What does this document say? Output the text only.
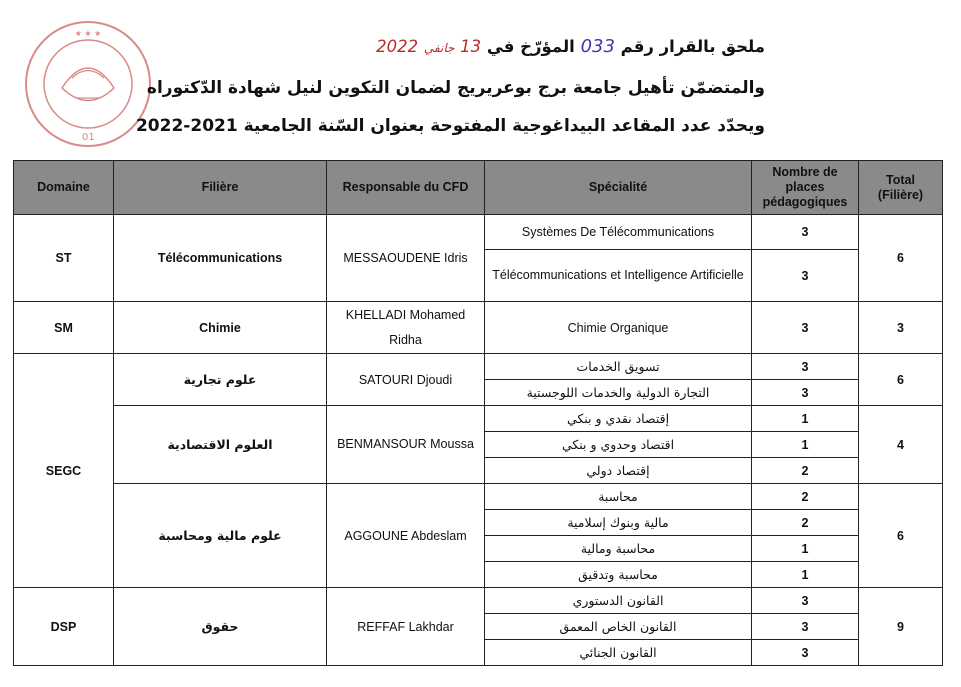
★ ★ ★
01
ملحق بالقرار رقم 033 المؤرّخ في 13 جانفي 2022
والمتضمّن تأهيل جامعة برج بوعريريج لضمان التكوين لنيل شهادة الدّكتوراه
ويحدّد عدد المقاعد البيداغوجية المفتوحة بعنوان السّنة الجامعية 2021-2022
Domaine	Filière	Responsable du CFD	Spécialité	Nombre de places pédagogiques	Total (Filière)
ST	Télécommunications	MESSAOUDENE Idris	Systèmes De Télécommunications	3	6
			Télécommunications et Intelligence Artificielle	3	
SM	Chimie	KHELLADI Mohamed Ridha	Chimie Organique	3	3
SEGC	علوم تجارية	SATOURI Djoudi	تسويق الخدمات	3	6
			التجارة الدولية والخدمات اللوجستية	3	
	العلوم الاقتصادية	BENMANSOUR Moussa	إقتصاد نقدي و بنكي	1	4
			اقتصاد وحدوي و بنكي	1	
			إقتصاد دولي	2	
	علوم مالية ومحاسبة	AGGOUNE Abdeslam	محاسبة	2	6
			مالية وبنوك إسلامية	2	
			محاسبة ومالية	1	
			محاسبة وتدقيق	1	
DSP	حقوق	REFFAF Lakhdar	القانون الدستوري	3	9
			القانون الخاص المعمق	3	
			القانون الجنائي	3	
